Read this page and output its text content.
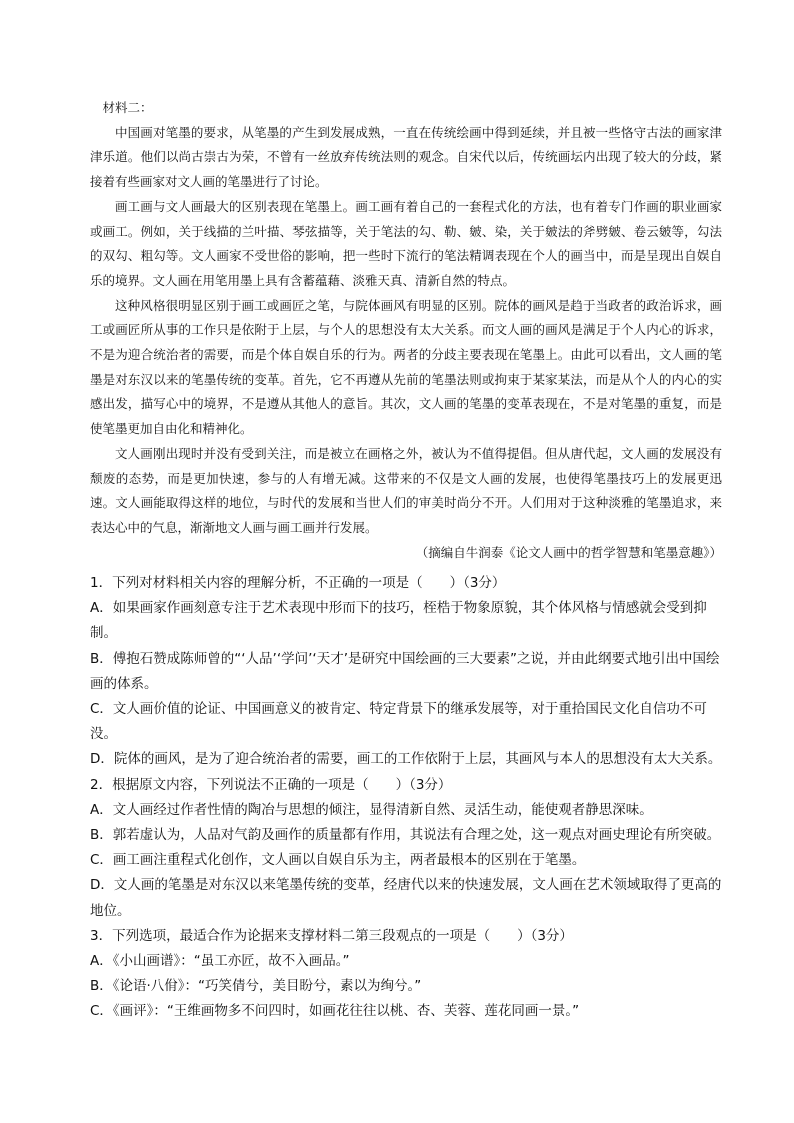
材料二：

中国画对笔墨的要求，从笔墨的产生到发展成熟，一直在传统绘画中得到延续，并且被一些恪守古法的画家津津乐道。他们以尚古崇古为荣，不曾有一丝放弃传统法则的观念。自宋代以后，传统画坛内出现了较大的分歧，紧接着有些画家对文人画的笔墨进行了讨论。

画工画与文人画最大的区别表现在笔墨上。画工画有着自己的一套程式化的方法，也有着专门作画的职业画家或画工。例如，关于线描的兰叶描、琴弦描等，关于笔法的勾、勒、皴、染，关于皴法的斧劈皴、卷云皴等，勾法的双勾、粗勾等。文人画家不受世俗的影响，把一些时下流行的笔法精调表现在个人的画当中，而是呈现出自娱自乐的境界。文人画在用笔用墨上具有含蓄蕴藉、淡雅天真、清新自然的特点。

这种风格很明显区别于画工或画匠之笔，与院体画风有明显的区别。院体的画风是趋于当政者的政治诉求，画工或画匠所从事的工作只是依附于上层，与个人的思想没有太大关系。而文人画的画风是满足于个人内心的诉求，不是为迎合统治者的需要，而是个体自娱自乐的行为。两者的分歧主要表现在笔墨上。由此可以看出，文人画的笔墨是对东汉以来的笔墨传统的变革。首先，它不再遵从先前的笔墨法则或拘束于某家某法，而是从个人的内心的实感出发，描写心中的境界，不是遵从其他人的意旨。其次，文人画的笔墨的变革表现在，不是对笔墨的重复，而是使笔墨更加自由化和精神化。

文人画刚出现时并没有受到关注，而是被立在画格之外，被认为不值得提倡。但从唐代起，文人画的发展没有颓废的态势，而是更加快速，参与的人有增无减。这带来的不仅是文人画的发展，也使得笔墨技巧上的发展更迅速。文人画能取得这样的地位，与时代的发展和当世人们的审美时尚分不开。人们用对于这种淡雅的笔墨追求，来表达心中的气息，渐渐地文人画与画工画并行发展。

（摘编自牛润泰《论文人画中的哲学智慧和笔墨意趣》）

1．下列对材料相关内容的理解分析，不正确的一项是（　　）（3分）

A．如果画家作画刻意专注于艺术表现中形而下的技巧，桎梏于物象原貌，其个体风格与情感就会受到抑制。

B．傅抱石赞成陈师曾的“‘人品’‘学问’‘天才’是研究中国绘画的三大要素”之说，并由此纲要式地引出中国绘画的体系。

C．文人画价值的论证、中国画意义的被肯定、特定背景下的继承发展等，对于重拾国民文化自信功不可没。

D．院体的画风，是为了迎合统治者的需要，画工的工作依附于上层，其画风与本人的思想没有太大关系。

2．根据原文内容，下列说法不正确的一项是（　　）（3分）

A．文人画经过作者性情的陶冶与思想的倾注，显得清新自然、灵活生动，能使观者静思深味。

B．郭若虚认为，人品对气韵及画作的质量都有作用，其说法有合理之处，这一观点对画史理论有所突破。

C．画工画注重程式化创作，文人画以自娱自乐为主，两者最根本的区别在于笔墨。

D．文人画的笔墨是对东汉以来笔墨传统的变革，经唐代以来的快速发展，文人画在艺术领域取得了更高的地位。

3．下列选项，最适合作为论据来支撑材料二第三段观点的一项是（　　）（3分）

A．《小山画谱》：“虽工亦匠，故不入画品。”

B．《论语·八佾》：“巧笑倩兮，美目盼兮，素以为绚兮。”

C．《画评》：“王维画物多不问四时，如画花往往以桃、杏、芙蓉、莲花同画一景。”
